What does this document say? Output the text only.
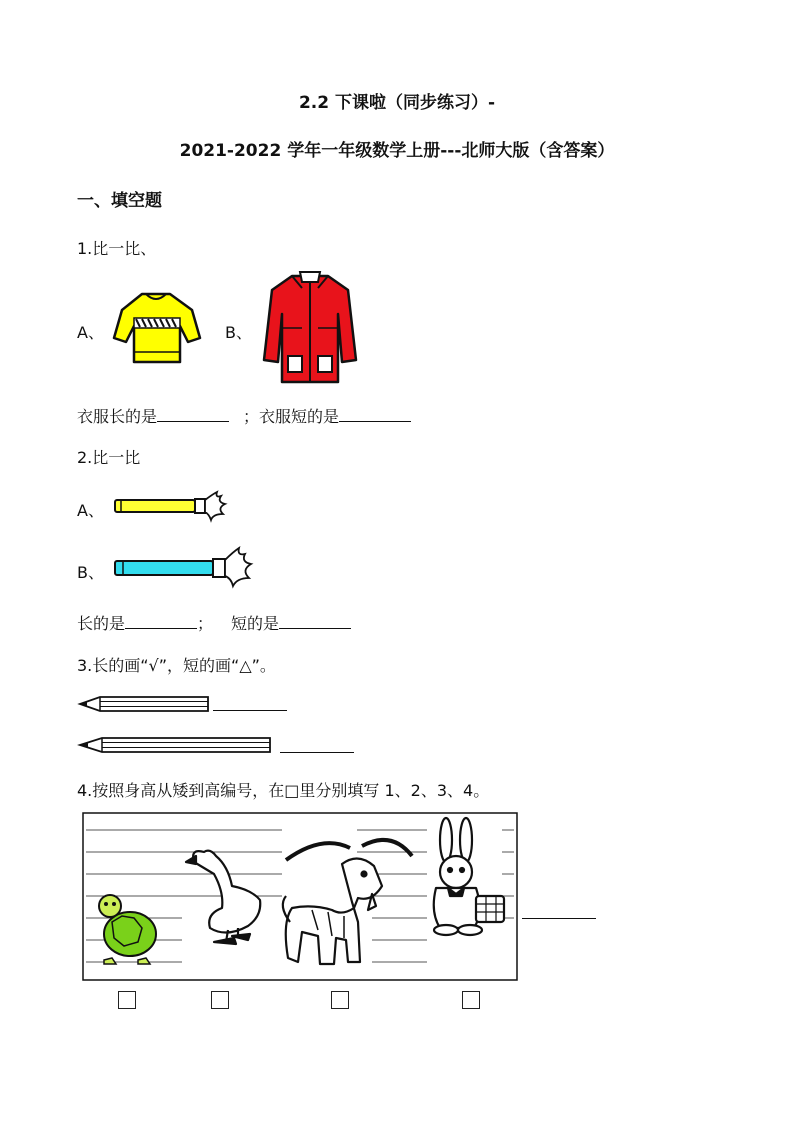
2.2 下课啦（同步练习）-
2021-2022 学年一年级数学上册---北师大版（含答案）
一、填空题
1.比一比、
A、	B、
衣服长的是	；衣服短的是
2.比一比
A、
B、
长的是	； 短的是
3.长的画“√”，短的画“△”。
4.按照身高从矮到高编号，在□里分别填写 1、2、3、4。
